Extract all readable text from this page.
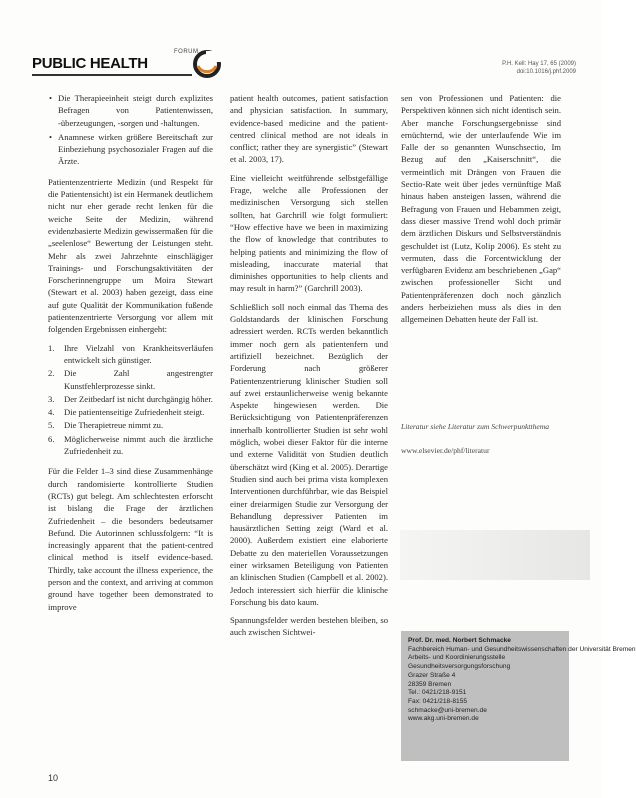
FORUM
PUBLIC HEALTH	P.H. Kell: Hay 17, 65 (2009)
doi:10.1016/j.phf.2009
• Die Therapieeinheit steigt durch explizites Befragen von Patientenwissen, -überzeugungen, -sorgen und -haltungen.
• Anamnese wirken größere Bereitschaft zur Einbeziehung psychosozialer Fragen auf die Ärzte.

Patientenzentrierte Medizin (und Respekt für die Patientensicht) ist ein Hermanek deutlichem nicht nur eher gerade recht lenken für die weiche Seite der Medizin, während evidenzbasierte Medizin gewissermaßen für die „seelenlose“ Bewertung der Leistungen steht. Mehr als zwei Jahrzehnte einschlägiger Trainings- und Forschungsaktivitäten der Forscherinnengruppe um Moira Stewart (Stewart et al. 2003) haben gezeigt, dass eine auf gute Qualität der Kommunikation fußende patientenzentrierte Versorgung vor allem mit folgenden Ergebnissen einhergeht:

1. Ihre Vielzahl von Krankheitsverläufen entwickelt sich günstiger.
2. Die Zahl angestrengter Kunstfehlerprozesse sinkt.
3. Der Zeitbedarf ist nicht durchgängig höher.
4. Die patientenseitige Zufriedenheit steigt.
5. Die Therapietreue nimmt zu.
6. Möglicherweise nimmt auch die ärztliche Zufriedenheit zu.

Für die Felder 1–3 sind diese Zusammenhänge durch randomisierte kontrollierte Studien (RCTs) gut belegt. Am schlechtesten erforscht ist bislang die Frage der ärztlichen Zufriedenheit – die besonders bedeutsamer Befund. Die Autorinnen schlussfolgern: “It is increasingly apparent that the patient-centred clinical method is itself evidence-based. Thirdly, take account the illness experience, the person and the context, and arriving at common ground have together been demonstrated to improve

patient health outcomes, patient satisfaction and physician satisfaction. In summary, evidence-based medicine and the patient-centred clinical method are not ideals in conflict; rather they are synergistic” (Stewart et al. 2003, 17).

Eine vielleicht weitführende selbstgefällige Frage, welche alle Professionen der medizinischen Versorgung sich stellen sollten, hat Garchrill wie folgt formuliert: “How effective have we been in maximizing the flow of knowledge that contributes to helping patients and minimizing the flow of misleading, inaccurate material that diminishes opportunities to help clients and may result in harm?” (Garchrill 2003).

Schließlich soll noch einmal das Thema des Goldstandards der klinischen Forschung adressiert werden. RCTs werden bekanntlich immer noch gern als patientenfern und artifiziell bezeichnet. Bezüglich der Forderung nach größerer Patientenzentrierung klinischer Studien soll auf zwei erstaunlicherweise wenig bekannte Aspekte hingewiesen werden. Die Berücksichtigung von Patientenpräferenzen innerhalb kontrollierter Studien ist sehr wohl möglich, wobei dieser Faktor für die interne und externe Validität von Studien deutlich überschätzt wird (King et al. 2005). Derartige Studien sind auch bei prima vista komplexen Interventionen durchführbar, wie das Beispiel einer dreiarmigen Studie zur Versorgung der Behandlung depressiver Patienten im hausärztlichen Setting zeigt (Ward et al. 2000). Außerdem existiert eine elaborierte Debatte zu den materiellen Voraussetzungen einer wirksamen Beteiligung von Patienten an klinischen Studien (Campbell et al. 2002). Jedoch interessiert sich hierfür die klinische Forschung bis dato kaum.

Spannungsfelder werden bestehen bleiben, so auch zwischen Sichtwei-

sen von Professionen und Patienten: die Perspektiven können sich nicht identisch sein. Aber manche Forschungsergebnisse sind ernüchternd, wie der unterlaufende Wie im Falle der so genannten Wunschsectio, Im Bezug auf den „Kaiserschnitt“, die vermeintlich mit Drängen von Frauen die Sectio-Rate weit über jedes vernünftige Maß hinaus haben ansteigen lassen, während die Befragung von Frauen und Hebammen zeigt, dass dieser massive Trend wohl doch primär dem ärztlichen Diskurs und Selbstverständnis geschuldet ist (Lutz, Kolip 2006). Es steht zu vermuten, dass die Forcentwicklung der verfügbaren Evidenz am beschriebenen „Gap“ zwischen professioneller Sicht und Patientenpräferenzen doch noch gänzlich anders herbeiziehen muss als dies in den allgemeinen Debatten heute der Fall ist.

Literatur siehe Literatur zum Schwerpunktthema
www.elsevier.de/phf/literatur
Prof. Dr. med. Norbert Schmacke
Fachbereich Human- und Gesundheitswissenschaften der Universität Bremen
Arbeits- und Koordinierungsstelle
Gesundheitsversorgungsforschung
Grazer Straße 4
28359 Bremen
Tel.: 0421/218-9151
Fax: 0421/218-8155
schmacke@uni-bremen.de
www.akg.uni-bremen.de
10
